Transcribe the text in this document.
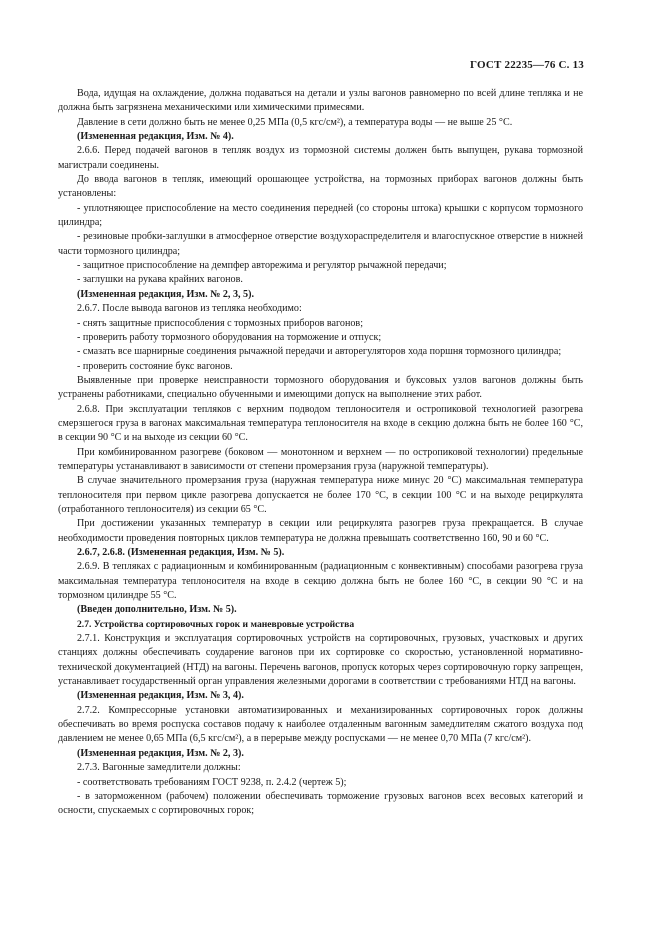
ГОСТ 22235—76 С. 13

Вода, идущая на охлаждение, должна подаваться на детали и узлы вагонов равномерно по всей длине тепляка и не должна быть загрязнена механическими или химическими примесями.

Давление в сети должно быть не менее 0,25 МПа (0,5 кгс/см²), а температура воды — не выше 25 °С.

(Измененная редакция, Изм. № 4).

2.6.6. Перед подачей вагонов в тепляк воздух из тормозной системы должен быть выпущен, рукава тормозной магистрали соединены.

До ввода вагонов в тепляк, имеющий орошающее устройства, на тормозных приборах вагонов должны быть установлены:

- уплотняющее приспособление на место соединения передней (со стороны штока) крышки с корпусом тормозного цилиндра;

- резиновые пробки-заглушки в атмосферное отверстие воздухораспределителя и влагоспускное отверстие в нижней части тормозного цилиндра;

- защитное приспособление на демпфер авторежима и регулятор рычажной передачи;

- заглушки на рукава крайних вагонов.

(Измененная редакция, Изм. № 2, 3, 5).

2.6.7. После вывода вагонов из тепляка необходимо:

- снять защитные приспособления с тормозных приборов вагонов;

- проверить работу тормозного оборудования на торможение и отпуск;

- смазать все шарнирные соединения рычажной передачи и авторегуляторов хода поршня тормозного цилиндра;

- проверить состояние букс вагонов.

Выявленные при проверке неисправности тормозного оборудования и буксовых узлов вагонов должны быть устранены работниками, специально обученными и имеющими допуск на выполнение этих работ.

2.6.8. При эксплуатации тепляков с верхним подводом теплоносителя и остропиковой технологией разогрева смерзшегося груза в вагонах максимальная температура теплоносителя на входе в секцию должна быть не более 160 °С, в секции 90 °С и на выходе из секции 60 °С.

При комбинированном разогреве (боковом — монотонном и верхнем — по остропиковой технологии) предельные температуры устанавливают в зависимости от степени промерзания груза (наружной температуры).

В случае значительного промерзания груза (наружная температура ниже минус 20 °С) максимальная температура теплоносителя при первом цикле разогрева допускается не более 170 °С, в секции 100 °С и на выходе рециркулята (отработанного теплоносителя) из секции 65 °С.

При достижении указанных температур в секции или рециркулята разогрев груза прекращается. В случае необходимости проведения повторных циклов температура не должна превышать соответственно 160, 90 и 60 °С.

2.6.7, 2.6.8. (Измененная редакция, Изм. № 5).

2.6.9. В тепляках с радиационным и комбинированным (радиационным с конвективным) способами разогрева груза максимальная температура теплоносителя на входе в секцию должна быть не более 160 °С, в секции 90 °С и на тормозном цилиндре 55 °С.

(Введен дополнительно, Изм. № 5).

2.7. Устройства сортировочных горок и маневровые устройства

2.7.1. Конструкция и эксплуатация сортировочных устройств на сортировочных, грузовых, участковых и других станциях должны обеспечивать соударение вагонов при их сортировке со скоростью, установленной нормативно-технической документацией (НТД) на вагоны. Перечень вагонов, пропуск которых через сортировочную горку запрещен, устанавливает государственный орган управления железными дорогами в соответствии с требованиями НТД на вагоны.

(Измененная редакция, Изм. № 3, 4).

2.7.2. Компрессорные установки автоматизированных и механизированных сортировочных горок должны обеспечивать во время роспуска составов подачу к наиболее отдаленным вагонным замедлителям сжатого воздуха под давлением не менее 0,65 МПа (6,5 кгс/см²), а в перерыве между роспусками — не менее 0,70 МПа (7 кгс/см²).

(Измененная редакция, Изм. № 2, 3).

2.7.3. Вагонные замедлители должны:

- соответствовать требованиям ГОСТ 9238, п. 2.4.2 (чертеж 5);

- в заторможенном (рабочем) положении обеспечивать торможение грузовых вагонов всех весовых категорий и осности, спускаемых с сортировочных горок;
